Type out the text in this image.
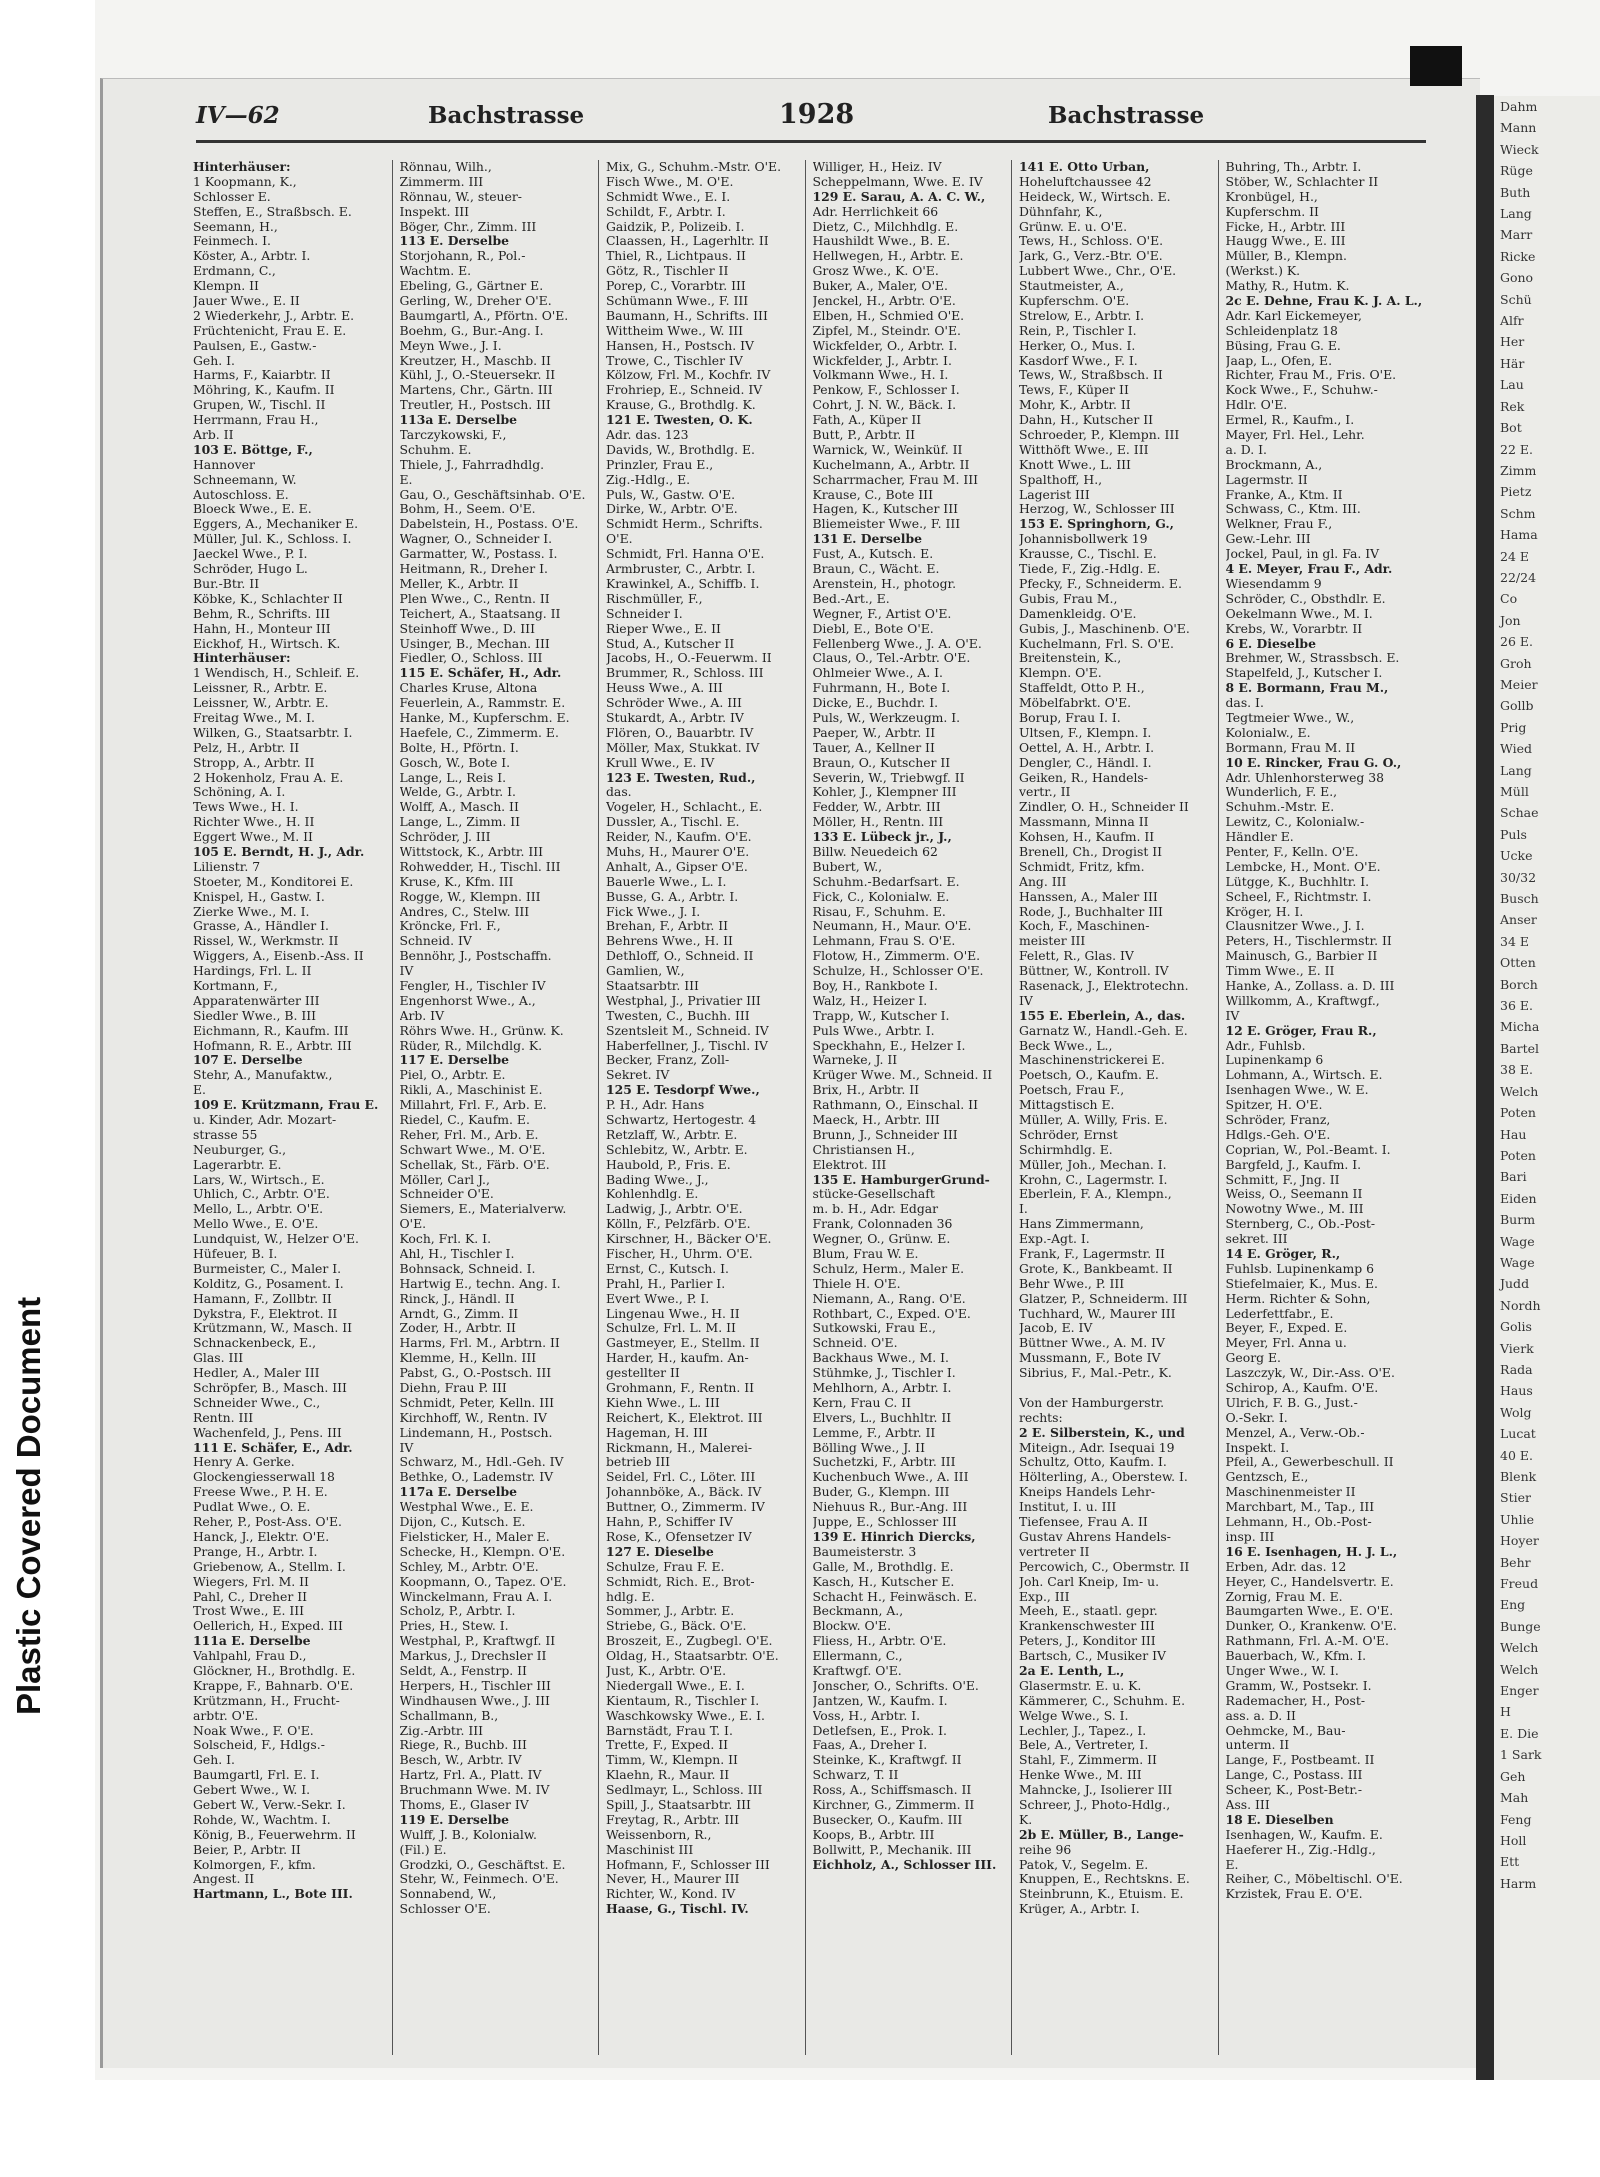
Dahm
Mann
Wieck
Rüge
Buth
Lang
Marr
Ricke
Gono
Schü
Alfr
Her
Här
Lau
Rek
Bot
22 E.
Zimm
Pietz
Schm
Hama
24 E
22/24
Co
Jon
26 E.
Groh
Meier
Gollb
Prig
Wied
Lang
Müll
Schae
Puls
Ucke
30/32
Busch
Anser
34 E
Otten
Borch
36 E.
Micha
Bartel
38 E.
Welch
Poten
Hau
Poten
Bari
Eiden
Burm
Wage
Wage
Judd
Nordh
Golis
Vierk
Rada
Haus
Wolg
Lucat
40 E.
Blenk
Stier
Uhlie
Hoyer
Behr
Freud
Eng
Bunge
Welch
Welch
Enger
H
E. Die
1 Sark
Geh
Mah
Feng
Holl
Ett
Harm
Plastic Covered Document
IV—62	Bachstrasse	1928	Bachstrasse
Hinterhäuser:
1 Koopmann, K.,
Schlosser E.
Steffen, E., Straßbsch. E.
Seemann, H.,
Feinmech. I.
Köster, A., Arbtr. I.
Erdmann, C.,
Klempn. II
Jauer Wwe., E. II
2 Wiederkehr, J., Arbtr. E.
Früchtenicht, Frau E. E.
Paulsen, E., Gastw.-
Geh. I.
Harms, F., Kaiarbtr. II
Möhring, K., Kaufm. II
Grupen, W., Tischl. II
Herrmann, Frau H.,
Arb. II
103 E. Böttge, F.,
Hannover
Schneemann, W.
Autoschloss. E.
Bloeck Wwe., E. E.
Eggers, A., Mechaniker E.
Müller, Jul. K., Schloss. I.
Jaeckel Wwe., P. I.
Schröder, Hugo L.
Bur.-Btr. II
Köbke, K., Schlachter II
Behm, R., Schrifts. III
Hahn, H., Monteur III
Eickhof, H., Wirtsch. K.
Hinterhäuser:
1 Wendisch, H., Schleif. E.
Leissner, R., Arbtr. E.
Leissner, W., Arbtr. E.
Freitag Wwe., M. I.
Wilken, G., Staatsarbtr. I.
Pelz, H., Arbtr. II
Stropp, A., Arbtr. II
2 Hokenholz, Frau A. E.
Schöning, A. I.
Tews Wwe., H. I.
Richter Wwe., H. II
Eggert Wwe., M. II
105 E. Berndt, H. J., Adr.
Lilienstr. 7
Stoeter, M., Konditorei E.
Knispel, H., Gastw. I.
Zierke Wwe., M. I.
Grasse, A., Händler I.
Rissel, W., Werkmstr. II
Wiggers, A., Eisenb.-Ass. II
Hardings, Frl. L. II
Kortmann, F.,
Apparatenwärter III
Siedler Wwe., B. III
Eichmann, R., Kaufm. III
Hofmann, R. E., Arbtr. III
107 E. Derselbe
Stehr, A., Manufaktw.,
E.
109 E. Krützmann, Frau E.
u. Kinder, Adr. Mozart-
strasse 55
Neuburger, G.,
Lagerarbtr. E.
Lars, W., Wirtsch., E.
Uhlich, C., Arbtr. O'E.
Mello, L., Arbtr. O'E.
Mello Wwe., E. O'E.
Lundquist, W., Helzer O'E.
Hüfeuer, B. I.
Burmeister, C., Maler I.
Kolditz, G., Posament. I.
Hamann, F., Zollbtr. II
Dykstra, F., Elektrot. II
Krützmann, W., Masch. II
Schnackenbeck, E.,
Glas. III
Hedler, A., Maler III
Schröpfer, B., Masch. III
Schneider Wwe., C.,
Rentn. III
Wachenfeld, J., Pens. III
111 E. Schäfer, E., Adr.
Henry A. Gerke.
Glockengiesserwall 18
Freese Wwe., P. H. E.
Pudlat Wwe., O. E.
Reher, P., Post-Ass. O'E.
Hanck, J., Elektr. O'E.
Prange, H., Arbtr. I.
Griebenow, A., Stellm. I.
Wiegers, Frl. M. II
Pahl, C., Dreher II
Trost Wwe., E. III
Oellerich, H., Exped. III
111a E. Derselbe
Vahlpahl, Frau D.,
Glöckner, H., Brothdlg. E.
Krappe, F., Bahnarb. O'E.
Krützmann, H., Frucht-
arbtr. O'E.
Noak Wwe., F. O'E.
Solscheid, F., Hdlgs.-
Geh. I.
Baumgartl, Frl. E. I.
Gebert Wwe., W. I.
Gebert W., Verw.-Sekr. I.
Rohde, W., Wachtm. I.
König, B., Feuerwehrm. II
Beier, P., Arbtr. II
Kolmorgen, F., kfm.
Angest. II
Hartmann, L., Bote III.
Rönnau, Wilh.,
Zimmerm. III
Rönnau, W., steuer-
Inspekt. III
Böger, Chr., Zimm. III
113 E. Derselbe
Storjohann, R., Pol.-
Wachtm. E.
Ebeling, G., Gärtner E.
Gerling, W., Dreher O'E.
Baumgartl, A., Pförtn. O'E.
Boehm, G., Bur.-Ang. I.
Meyn Wwe., J. I.
Kreutzer, H., Maschb. II
Kühl, J., O.-Steuersekr. II
Martens, Chr., Gärtn. III
Treutler, H., Postsch. III
113a E. Derselbe
Tarczykowski, F.,
Schuhm. E.
Thiele, J., Fahrradhdlg.
E.
Gau, O., Geschäftsinhab. O'E.
Bohm, H., Seem. O'E.
Dabelstein, H., Postass. O'E.
Wagner, O., Schneider I.
Garmatter, W., Postass. I.
Heitmann, R., Dreher I.
Meller, K., Arbtr. II
Plen Wwe., C., Rentn. II
Teichert, A., Staatsang. II
Steinhoff Wwe., D. III
Usinger, B., Mechan. III
Fiedler, O., Schloss. III
115 E. Schäfer, H., Adr.
Charles Kruse, Altona
Feuerlein, A., Rammstr. E.
Hanke, M., Kupferschm. E.
Haefele, C., Zimmerm. E.
Bolte, H., Pförtn. I.
Gosch, W., Bote I.
Lange, L., Reis I.
Welde, G., Arbtr. I.
Wolff, A., Masch. II
Lange, L., Zimm. II
Schröder, J. III
Wittstock, K., Arbtr. III
Rohwedder, H., Tischl. III
Kruse, K., Kfm. III
Rogge, W., Klempn. III
Andres, C., Stelw. III
Kröncke, Frl. F.,
Schneid. IV
Bennöhr, J., Postschaffn.
IV
Fengler, H., Tischler IV
Engenhorst Wwe., A.,
Arb. IV
Röhrs Wwe. H., Grünw. K.
Rüder, R., Milchdlg. K.
117 E. Derselbe
Piel, O., Arbtr. E.
Rikli, A., Maschinist E.
Millahrt, Frl. F., Arb. E.
Riedel, C., Kaufm. E.
Reher, Frl. M., Arb. E.
Schwart Wwe., M. O'E.
Schellak, St., Färb. O'E.
Möller, Carl J.,
Schneider O'E.
Siemers, E., Materialverw.
O'E.
Koch, Frl. K. I.
Ahl, H., Tischler I.
Bohnsack, Schneid. I.
Hartwig E., techn. Ang. I.
Rinck, J., Händl. II
Arndt, G., Zimm. II
Zoder, H., Arbtr. II
Harms, Frl. M., Arbtrn. II
Klemme, H., Kelln. III
Pabst, G., O.-Postsch. III
Diehn, Frau P. III
Schmidt, Peter, Kelln. III
Kirchhoff, W., Rentn. IV
Lindemann, H., Postsch.
IV
Schwarz, M., Hdl.-Geh. IV
Bethke, O., Lademstr. IV
117a E. Derselbe
Westphal Wwe., E. E.
Dijon, C., Kutsch. E.
Fielsticker, H., Maler E.
Schecke, H., Klempn. O'E.
Schley, M., Arbtr. O'E.
Koopmann, O., Tapez. O'E.
Winckelmann, Frau A. I.
Scholz, P., Arbtr. I.
Pries, H., Stew. I.
Westphal, P., Kraftwgf. II
Markus, J., Drechsler II
Seldt, A., Fenstrp. II
Herpers, H., Tischler III
Windhausen Wwe., J. III
Schallmann, B.,
Zig.-Arbtr. III
Riege, R., Buchb. III
Besch, W., Arbtr. IV
Hartz, Frl. A., Platt. IV
Bruchmann Wwe. M. IV
Thoms, E., Glaser IV
119 E. Derselbe
Wulff, J. B., Kolonialw.
(Fil.) E.
Grodzki, O., Geschäftst. E.
Stehr, W., Feinmech. O'E.
Sonnabend, W.,
Schlosser O'E.
Mix, G., Schuhm.-Mstr. O'E.
Fisch Wwe., M. O'E.
Schmidt Wwe., E. I.
Schildt, F., Arbtr. I.
Gaidzik, P., Polizeib. I.
Claassen, H., Lagerhltr. II
Thiel, R., Lichtpaus. II
Götz, R., Tischler II
Porep, C., Vorarbtr. III
Schümann Wwe., F. III
Baumann, H., Schrifts. III
Wittheim Wwe., W. III
Hansen, H., Postsch. IV
Trowe, C., Tischler IV
Kölzow, Frl. M., Kochfr. IV
Frohriep, E., Schneid. IV
Krause, G., Brothdlg. K.
121 E. Twesten, O. K.
Adr. das. 123
Davids, W., Brothdlg. E.
Prinzler, Frau E.,
Zig.-Hdlg., E.
Puls, W., Gastw. O'E.
Dirke, W., Arbtr. O'E.
Schmidt Herm., Schrifts.
O'E.
Schmidt, Frl. Hanna O'E.
Armbruster, C., Arbtr. I.
Krawinkel, A., Schiffb. I.
Rischmüller, F.,
Schneider I.
Rieper Wwe., E. II
Stud, A., Kutscher II
Jacobs, H., O.-Feuerwm. II
Brummer, R., Schloss. III
Heuss Wwe., A. III
Schröder Wwe., A. III
Stukardt, A., Arbtr. IV
Flören, O., Bauarbtr. IV
Möller, Max, Stukkat. IV
Krull Wwe., E. IV
123 E. Twesten, Rud.,
das.
Vogeler, H., Schlacht., E.
Dussler, A., Tischl. E.
Reider, N., Kaufm. O'E.
Muhs, H., Maurer O'E.
Anhalt, A., Gipser O'E.
Bauerle Wwe., L. I.
Busse, G. A., Arbtr. I.
Fick Wwe., J. I.
Brehan, F., Arbtr. II
Behrens Wwe., H. II
Dethloff, O., Schneid. II
Gamlien, W.,
Staatsarbtr. III
Westphal, J., Privatier III
Twesten, C., Buchh. III
Szentsleit M., Schneid. IV
Haberfellner, J., Tischl. IV
Becker, Franz, Zoll-
Sekret. IV
125 E. Tesdorpf Wwe.,
P. H., Adr. Hans
Schwartz, Hertogestr. 4
Retzlaff, W., Arbtr. E.
Schlebitz, W., Arbtr. E.
Haubold, P., Fris. E.
Bading Wwe., J.,
Kohlenhdlg. E.
Ladwig, J., Arbtr. O'E.
Kölln, F., Pelzfärb. O'E.
Kirschner, H., Bäcker O'E.
Fischer, H., Uhrm. O'E.
Ernst, C., Kutsch. I.
Prahl, H., Parlier I.
Evert Wwe., P. I.
Lingenau Wwe., H. II
Schulze, Frl. L. M. II
Gastmeyer, E., Stellm. II
Harder, H., kaufm. An-
gestellter II
Grohmann, F., Rentn. II
Kiehn Wwe., L. III
Reichert, K., Elektrot. III
Hageman, H. III
Rickmann, H., Malerei-
betrieb III
Seidel, Frl. C., Löter. III
Johannböke, A., Bäck. IV
Buttner, O., Zimmerm. IV
Hahn, P., Schiffer IV
Rose, K., Ofensetzer IV
127 E. Dieselbe
Schulze, Frau F. E.
Schmidt, Rich. E., Brot-
hdlg. E.
Sommer, J., Arbtr. E.
Striebe, G., Bäck. O'E.
Broszeit, E., Zugbegl. O'E.
Oldag, H., Staatsarbtr. O'E.
Just, K., Arbtr. O'E.
Niedergall Wwe., E. I.
Kientaum, R., Tischler I.
Waschkowsky Wwe., E. I.
Barnstädt, Frau T. I.
Trette, F., Exped. II
Timm, W., Klempn. II
Klaehn, R., Maur. II
Sedlmayr, L., Schloss. III
Spill, J., Staatsarbtr. III
Freytag, R., Arbtr. III
Weissenborn, R.,
Maschinist III
Hofmann, F., Schlosser III
Never, H., Maurer III
Richter, W., Kond. IV
Haase, G., Tischl. IV.
Williger, H., Heiz. IV
Scheppelmann, Wwe. E. IV
129 E. Sarau, A. A. C. W.,
Adr. Herrlichkeit 66
Dietz, C., Milchhdlg. E.
Haushildt Wwe., B. E.
Hellwegen, H., Arbtr. E.
Grosz Wwe., K. O'E.
Buker, A., Maler, O'E.
Jenckel, H., Arbtr. O'E.
Elben, H., Schmied O'E.
Zipfel, M., Steindr. O'E.
Wickfelder, O., Arbtr. I.
Wickfelder, J., Arbtr. I.
Volkmann Wwe., H. I.
Penkow, F., Schlosser I.
Cohrt, J. N. W., Bäck. I.
Fath, A., Küper II
Butt, P., Arbtr. II
Warnick, W., Weinküf. II
Kuchelmann, A., Arbtr. II
Scharrmacher, Frau M. III
Krause, C., Bote III
Hagen, K., Kutscher III
Bliemeister Wwe., F. III
131 E. Derselbe
Fust, A., Kutsch. E.
Braun, C., Wächt. E.
Arenstein, H., photogr.
Bed.-Art., E.
Wegner, F., Artist O'E.
Diebl, E., Bote O'E.
Fellenberg Wwe., J. A. O'E.
Claus, O., Tel.-Arbtr. O'E.
Ohlmeier Wwe., A. I.
Fuhrmann, H., Bote I.
Dicke, E., Buchdr. I.
Puls, W., Werkzeugm. I.
Paeper, W., Arbtr. II
Tauer, A., Kellner II
Braun, O., Kutscher II
Severin, W., Triebwgf. II
Kohler, J., Klempner III
Fedder, W., Arbtr. III
Möller, H., Rentn. III
133 E. Lübeck jr., J.,
Billw. Neuedeich 62
Bubert, W.,
Schuhm.-Bedarfsart. E.
Fick, C., Kolonialw. E.
Risau, F., Schuhm. E.
Neumann, H., Maur. O'E.
Lehmann, Frau S. O'E.
Flotow, H., Zimmerm. O'E.
Schulze, H., Schlosser O'E.
Boy, H., Rankbote I.
Walz, H., Heizer I.
Trapp, W., Kutscher I.
Puls Wwe., Arbtr. I.
Speckhahn, E., Helzer I.
Warneke, J. II
Krüger Wwe. M., Schneid. II
Brix, H., Arbtr. II
Rathmann, O., Einschal. II
Maeck, H., Arbtr. III
Brunn, J., Schneider III
Christiansen H.,
Elektrot. III
135 E. HamburgerGrund-
stücke-Gesellschaft
m. b. H., Adr. Edgar
Frank, Colonnaden 36
Wegner, O., Grünw. E.
Blum, Frau W. E.
Schulz, Herm., Maler E.
Thiele H. O'E.
Niemann, A., Rang. O'E.
Rothbart, C., Exped. O'E.
Sutkowski, Frau E.,
Schneid. O'E.
Backhaus Wwe., M. I.
Stühmke, J., Tischler I.
Mehlhorn, A., Arbtr. I.
Kern, Frau C. II
Elvers, L., Buchhltr. II
Lemme, F., Arbtr. II
Bölling Wwe., J. II
Suchetzki, F., Arbtr. III
Kuchenbuch Wwe., A. III
Buder, G., Klempn. III
Niehuus R., Bur.-Ang. III
Juppe, E., Schlosser III
139 E. Hinrich Diercks,
Baumeisterstr. 3
Galle, M., Brothdlg. E.
Kasch, H., Kutscher E.
Schacht H., Feinwäsch. E.
Beckmann, A.,
Blockw. O'E.
Fliess, H., Arbtr. O'E.
Ellermann, C.,
Kraftwgf. O'E.
Jonscher, O., Schrifts. O'E.
Jantzen, W., Kaufm. I.
Voss, H., Arbtr. I.
Detlefsen, E., Prok. I.
Faas, A., Dreher I.
Steinke, K., Kraftwgf. II
Schwarz, T. II
Ross, A., Schiffsmasch. II
Kirchner, G., Zimmerm. II
Busecker, O., Kaufm. III
Koops, B., Arbtr. III
Bollwitt, P., Mechanik. III
Eichholz, A., Schlosser III.
141 E. Otto Urban,
Hoheluftchaussee 42
Heideck, W., Wirtsch. E.
Dühnfahr, K.,
Grünw. E. u. O'E.
Tews, H., Schloss. O'E.
Jark, G., Verz.-Btr. O'E.
Lubbert Wwe., Chr., O'E.
Stautmeister, A.,
Kupferschm. O'E.
Strelow, E., Arbtr. I.
Rein, P., Tischler I.
Herker, O., Mus. I.
Kasdorf Wwe., F. I.
Tews, W., Straßbsch. II
Tews, F., Küper II
Mohr, K., Arbtr. II
Dahn, H., Kutscher II
Schroeder, P., Klempn. III
Witthöft Wwe., E. III
Knott Wwe., L. III
Spalthoff, H.,
Lagerist III
Herzog, W., Schlosser III
153 E. Springhorn, G.,
Johannisbollwerk 19
Krausse, C., Tischl. E.
Tiede, F., Zig.-Hdlg. E.
Pfecky, F., Schneiderm. E.
Gubis, Frau M.,
Damenkleidg. O'E.
Gubis, J., Maschinenb. O'E.
Kuchelmann, Frl. S. O'E.
Breitenstein, K.,
Klempn. O'E.
Staffeldt, Otto P. H.,
Möbelfabrkt. O'E.
Borup, Frau I. I.
Ultsen, F., Klempn. I.
Oettel, A. H., Arbtr. I.
Dengler, C., Händl. I.
Geiken, R., Handels-
vertr., II
Zindler, O. H., Schneider II
Massmann, Minna II
Kohsen, H., Kaufm. II
Brenell, Ch., Drogist II
Schmidt, Fritz, kfm.
Ang. III
Hanssen, A., Maler III
Rode, J., Buchhalter III
Koch, F., Maschinen-
meister III
Felett, R., Glas. IV
Büttner, W., Kontroll. IV
Rasenack, J., Elektrotechn.
IV
155 E. Eberlein, A., das.
Garnatz W., Handl.-Geh. E.
Beck Wwe., L.,
Maschinenstrickerei E.
Poetsch, O., Kaufm. E.
Poetsch, Frau F.,
Mittagstisch E.
Müller, A. Willy, Fris. E.
Schröder, Ernst
Schirmhdlg. E.
Müller, Joh., Mechan. I.
Krohn, C., Lagermstr. I.
Eberlein, F. A., Klempn.,
I.
Hans Zimmermann,
Exp.-Agt. I.
Frank, F., Lagermstr. II
Grote, K., Bankbeamt. II
Behr Wwe., P. III
Glatzer, P., Schneiderm. III
Tuchhard, W., Maurer III
Jacob, E. IV
Büttner Wwe., A. M. IV
Mussmann, F., Bote IV
Sibrius, F., Mal.-Petr., K.
Von der Hamburgerstr.
rechts:
2 E. Silberstein, K., und
Miteign., Adr. Isequai 19
Schultz, Otto, Kaufm. I.
Hölterling, A., Oberstew. I.
Kneips Handels Lehr-
Institut, I. u. III
Tiefensee, Frau A. II
Gustav Ahrens Handels-
vertreter II
Percowich, C., Obermstr. II
Joh. Carl Kneip, Im- u.
Exp., III
Meeh, E., staatl. gepr.
Krankenschwester III
Peters, J., Konditor III
Bartsch, C., Musiker IV
2a E. Lenth, L.,
Glasermstr. E. u. K.
Kämmerer, C., Schuhm. E.
Welge Wwe., S. I.
Lechler, J., Tapez., I.
Bele, A., Vertreter, I.
Stahl, F., Zimmerm. II
Henke Wwe., M. III
Mahncke, J., Isolierer III
Schreer, J., Photo-Hdlg.,
K.
2b E. Müller, B., Lange-
reihe 96
Patok, V., Segelm. E.
Knuppen, E., Rechtskns. E.
Steinbrunn, K., Etuism. E.
Krüger, A., Arbtr. I.
Buhring, Th., Arbtr. I.
Stöber, W., Schlachter II
Kronbügel, H.,
Kupferschm. II
Ficke, H., Arbtr. III
Haugg Wwe., E. III
Müller, B., Klempn.
(Werkst.) K.
Mathy, R., Hutm. K.
2c E. Dehne, Frau K. J. A. L.,
Adr. Karl Eickemeyer,
Schleidenplatz 18
Büsing, Frau G. E.
Jaap, L., Ofen, E.
Richter, Frau M., Fris. O'E.
Kock Wwe., F., Schuhw.-
Hdlr. O'E.
Ermel, R., Kaufm., I.
Mayer, Frl. Hel., Lehr.
a. D. I.
Brockmann, A.,
Lagermstr. II
Franke, A., Ktm. II
Schwass, C., Ktm. III.
Welkner, Frau F.,
Gew.-Lehr. III
Jockel, Paul, in gl. Fa. IV
4 E. Meyer, Frau F., Adr.
Wiesendamm 9
Schröder, C., Obsthdlr. E.
Oekelmann Wwe., M. I.
Krebs, W., Vorarbtr. II
6 E. Dieselbe
Brehmer, W., Strassbsch. E.
Stapelfeld, J., Kutscher I.
8 E. Bormann, Frau M.,
das. I.
Tegtmeier Wwe., W.,
Kolonialw., E.
Bormann, Frau M. II
10 E. Rincker, Frau G. O.,
Adr. Uhlenhorsterweg 38
Wunderlich, F. E.,
Schuhm.-Mstr. E.
Lewitz, C., Kolonialw.-
Händler E.
Penter, F., Kelln. O'E.
Lembcke, H., Mont. O'E.
Lütgge, K., Buchhltr. I.
Scheel, F., Richtmstr. I.
Kröger, H. I.
Clausnitzer Wwe., J. I.
Peters, H., Tischlermstr. II
Mainusch, G., Barbier II
Timm Wwe., E. II
Hanke, A., Zollass. a. D. III
Willkomm, A., Kraftwgf.,
IV
12 E. Gröger, Frau R.,
Adr., Fuhlsb.
Lupinenkamp 6
Lohmann, A., Wirtsch. E.
Isenhagen Wwe., W. E.
Spitzer, H. O'E.
Schröder, Franz,
Hdlgs.-Geh. O'E.
Coprian, W., Pol.-Beamt. I.
Bargfeld, J., Kaufm. I.
Schmitt, F., Jng. II
Weiss, O., Seemann II
Nowotny Wwe., M. III
Sternberg, C., Ob.-Post-
sekret. III
14 E. Gröger, R.,
Fuhlsb. Lupinenkamp 6
Stiefelmaier, K., Mus. E.
Herm. Richter & Sohn,
Lederfettfabr., E.
Beyer, F., Exped. E.
Meyer, Frl. Anna u.
Georg E.
Laszczyk, W., Dir.-Ass. O'E.
Schirop, A., Kaufm. O'E.
Ulrich, F. B. G., Just.-
O.-Sekr. I.
Menzel, A., Verw.-Ob.-
Inspekt. I.
Pfeil, A., Gewerbeschull. II
Gentzsch, E.,
Maschinenmeister II
Marchbart, M., Tap., III
Lehmann, H., Ob.-Post-
insp. III
16 E. Isenhagen, H. J. L.,
Erben, Adr. das. 12
Heyer, C., Handelsvertr. E.
Zornig, Frau M. E.
Baumgarten Wwe., E. O'E.
Dunker, O., Krankenw. O'E.
Rathmann, Frl. A.-M. O'E.
Bauerbach, W., Kfm. I.
Unger Wwe., W. I.
Gramm, W., Postsekr. I.
Rademacher, H., Post-
ass. a. D. II
Oehmcke, M., Bau-
unterm. II
Lange, F., Postbeamt. II
Lange, C., Postass. III
Scheer, K., Post-Betr.-
Ass. III
18 E. Dieselben
Isenhagen, W., Kaufm. E.
Haeferer H., Zig.-Hdlg.,
E.
Reiher, C., Möbeltischl. O'E.
Krzistek, Frau E. O'E.
